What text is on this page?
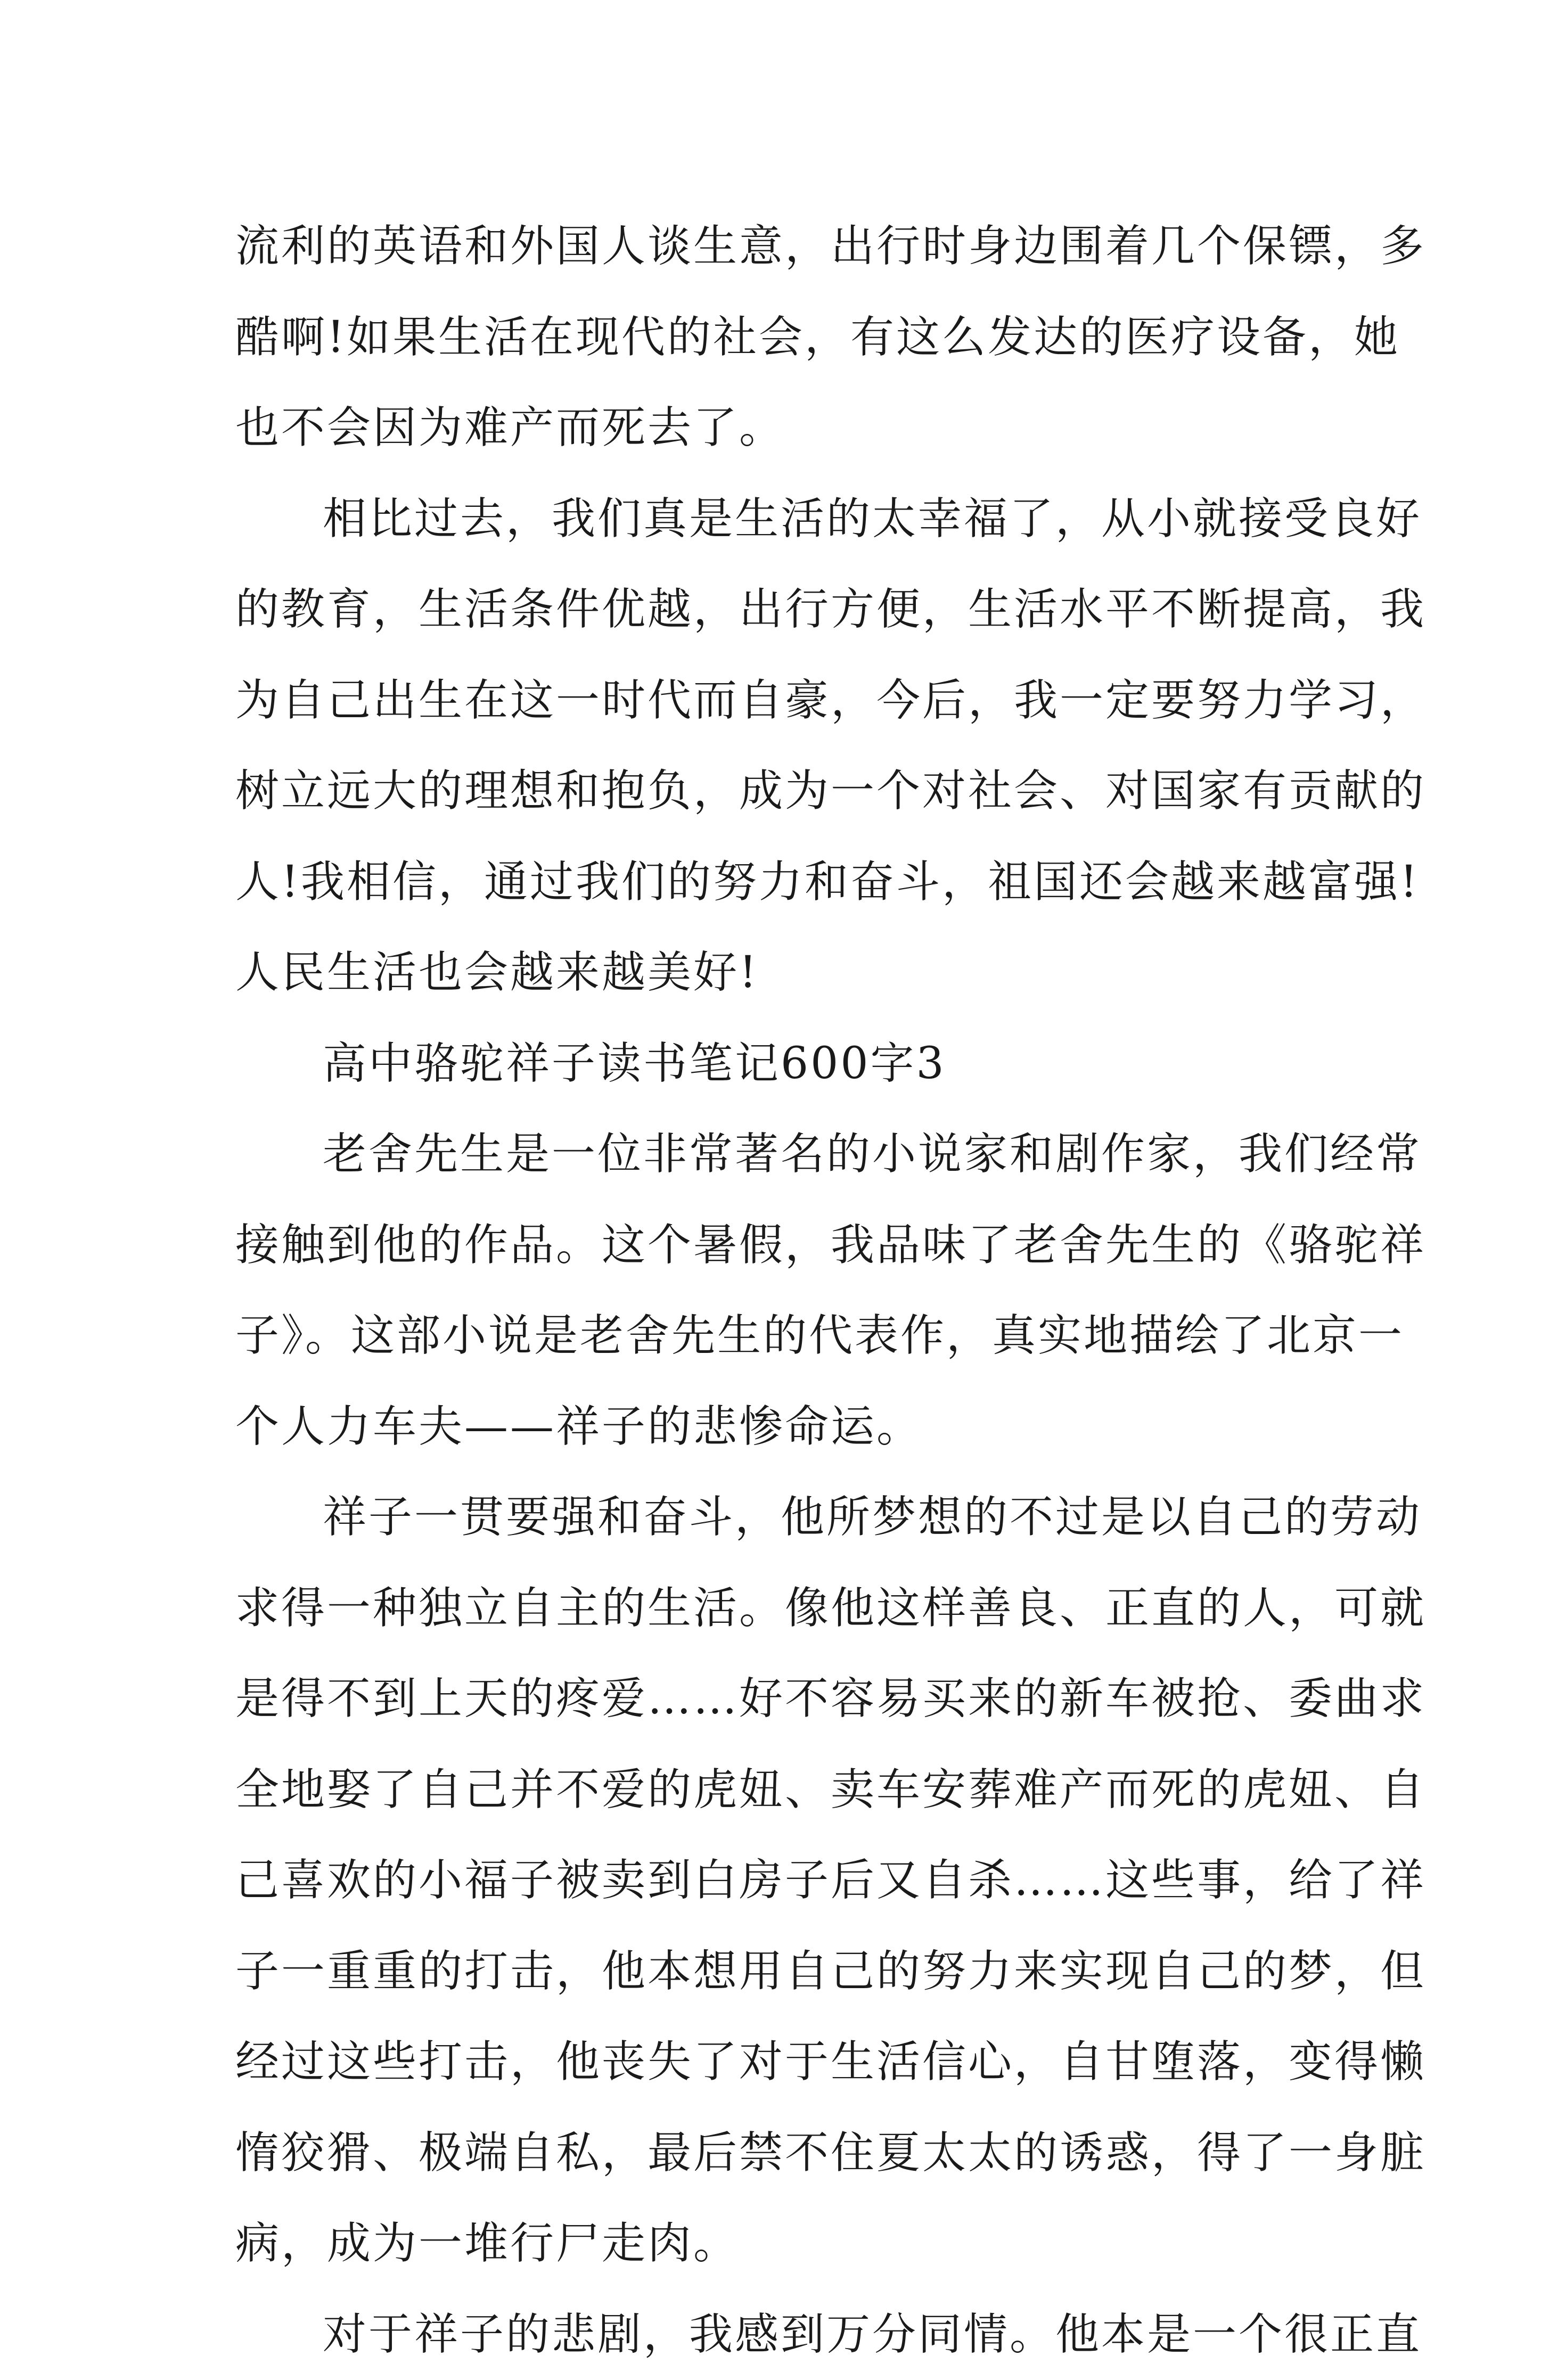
流利的英语和外国人谈生意，出行时身边围着几个保镖，多
酷啊!如果生活在现代的社会，有这么发达的医疗设备，她
也不会因为难产而死去了。
相比过去，我们真是生活的太幸福了，从小就接受良好
的教育，生活条件优越，出行方便，生活水平不断提高，我
为自己出生在这一时代而自豪，今后，我一定要努力学习，
树立远大的理想和抱负，成为一个对社会、对国家有贡献的
人!我相信，通过我们的努力和奋斗，祖国还会越来越富强!
人民生活也会越来越美好!
高中骆驼祥子读书笔记600字3
老舍先生是一位非常著名的小说家和剧作家，我们经常
接触到他的作品。这个暑假，我品味了老舍先生的《骆驼祥
子》。这部小说是老舍先生的代表作，真实地描绘了北京一
个人力车夫——祥子的悲惨命运。
祥子一贯要强和奋斗，他所梦想的不过是以自己的劳动
求得一种独立自主的生活。像他这样善良、正直的人，可就
是得不到上天的疼爱……好不容易买来的新车被抢、委曲求
全地娶了自己并不爱的虎妞、卖车安葬难产而死的虎妞、自
己喜欢的小福子被卖到白房子后又自杀……这些事，给了祥
子一重重的打击，他本想用自己的努力来实现自己的梦，但
经过这些打击，他丧失了对于生活信心，自甘堕落，变得懒
惰狡猾、极端自私，最后禁不住夏太太的诱惑，得了一身脏
病，成为一堆行尸走肉。
对于祥子的悲剧，我感到万分同情。他本是一个很正直
